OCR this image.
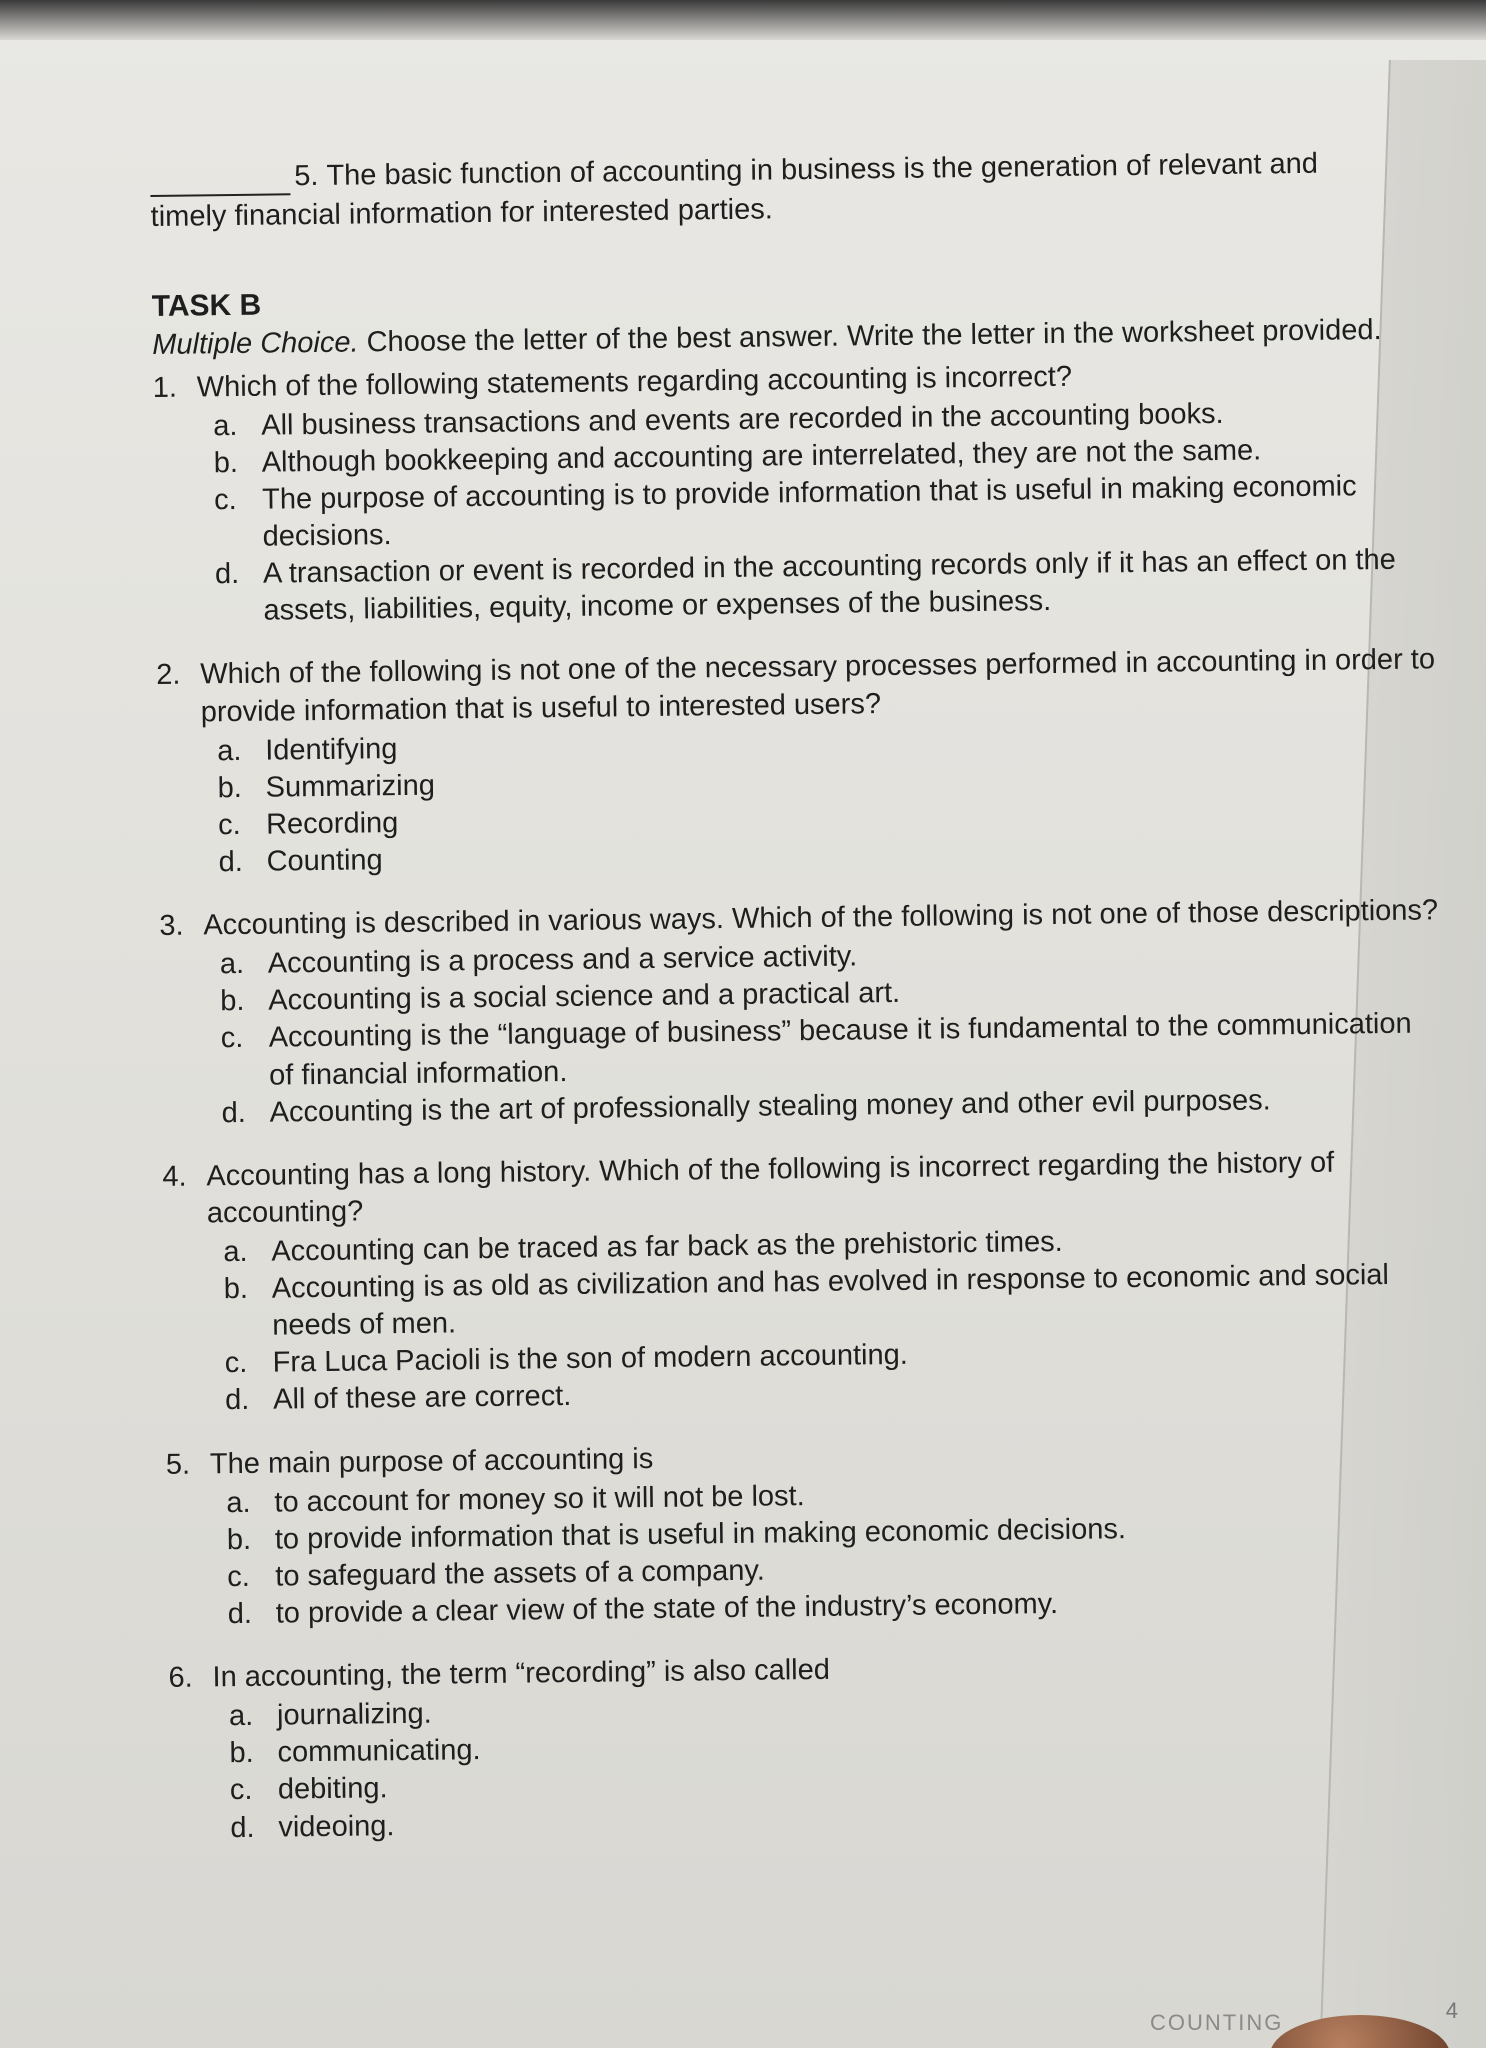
5.
The basic function of accounting in business is the generation of relevant and
timely financial information for interested parties.
TASK B
Multiple Choice. Choose the letter of the best answer. Write the letter in the worksheet provided.
1. Which of the following statements regarding accounting is incorrect?
a. All business transactions and events are recorded in the accounting books.
b. Although bookkeeping and accounting are interrelated, they are not the same.
c. The purpose of accounting is to provide information that is useful in making economic decisions.
d. A transaction or event is recorded in the accounting records only if it has an effect on the assets, liabilities, equity, income or expenses of the business.
2. Which of the following is not one of the necessary processes performed in accounting in order to provide information that is useful to interested users?
a. Identifying
b. Summarizing
c. Recording
d. Counting
3. Accounting is described in various ways. Which of the following is not one of those descriptions?
a. Accounting is a process and a service activity.
b. Accounting is a social science and a practical art.
c. Accounting is the “language of business” because it is fundamental to the communication of financial information.
d. Accounting is the art of professionally stealing money and other evil purposes.
4. Accounting has a long history. Which of the following is incorrect regarding the history of accounting?
a. Accounting can be traced as far back as the prehistoric times.
b. Accounting is as old as civilization and has evolved in response to economic and social needs of men.
c. Fra Luca Pacioli is the son of modern accounting.
d. All of these are correct.
5. The main purpose of accounting is
a. to account for money so it will not be lost.
b. to provide information that is useful in making economic decisions.
c. to safeguard the assets of a company.
d. to provide a clear view of the state of the industry’s economy.
6. In accounting, the term “recording” is also called
a. journalizing.
b. communicating.
c. debiting.
d. videoing.
COUNTING	4
